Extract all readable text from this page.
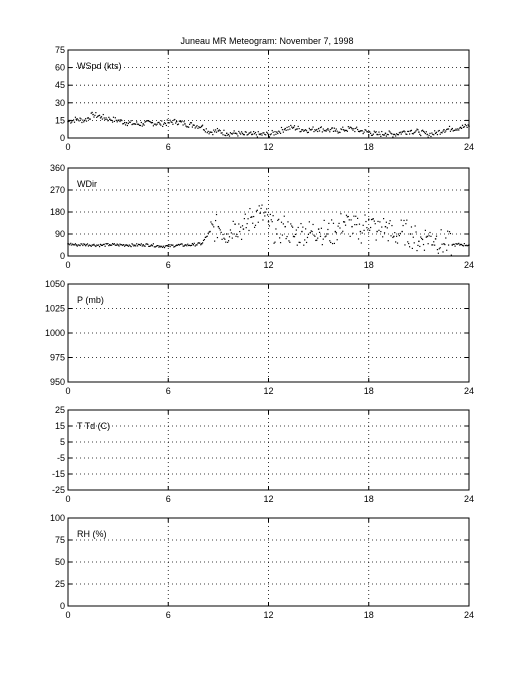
Juneau MR Meteogram: November 7, 1998
0	6	12	18	24
0
15
30
45
60
75
WSpd (kts)
0	6	12	18	24
0
90
180
270
360
WDir
0	6	12	18	24
950
975
1000
1025
1050
P (mb)
0	6	12	18	24
-25
-15
-5
5
15
25
T Td (C)
0	6	12	18	24
0
25
50
75
100
RH (%)
